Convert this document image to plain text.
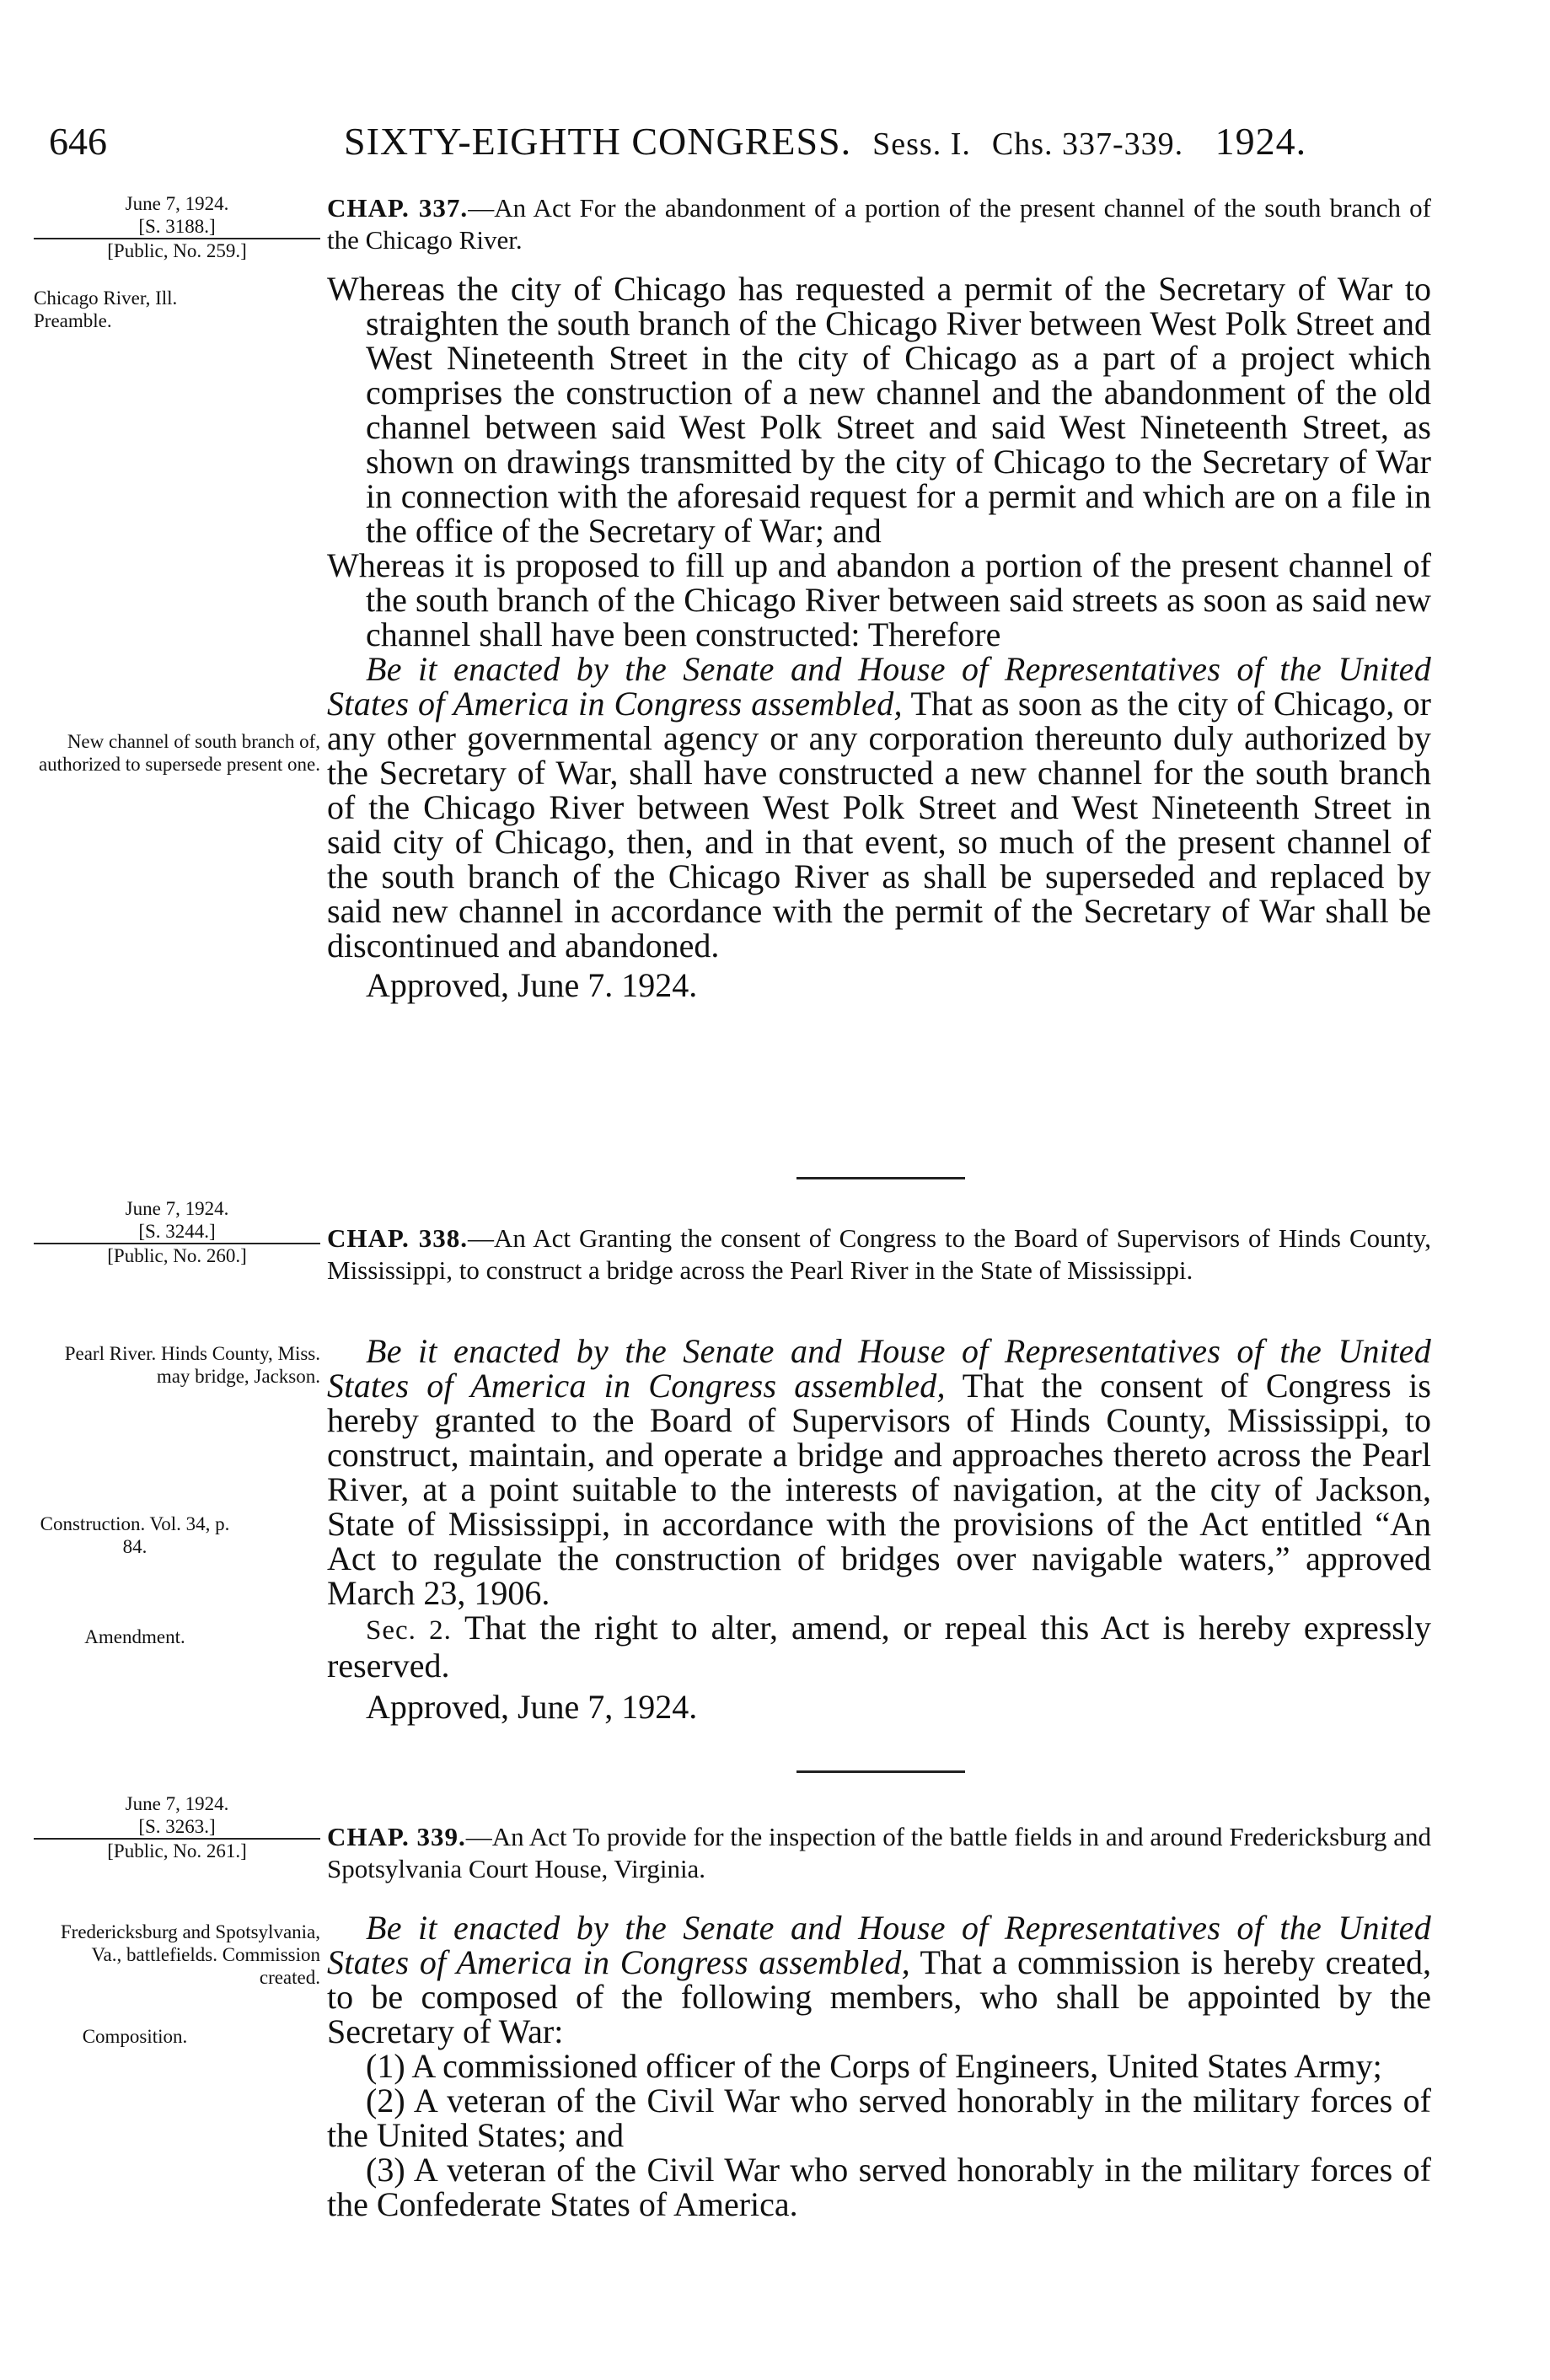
646	SIXTY-EIGHTH CONGRESS. Sess. I. Chs. 337-339. 1924.
June 7, 1924.
[S. 3188.]
[Public, No. 259.]
CHAP. 337.—An Act For the abandonment of a portion of the present channel of the south branch of the Chicago River.
Chicago River, Ill. Preamble.
New channel of south branch of, authorized to supersede present one.

Whereas the city of Chicago has requested a permit of the Secretary of War to straighten the south branch of the Chicago River between West Polk Street and West Nineteenth Street in the city of Chicago as a part of a project which comprises the construction of a new channel and the abandonment of the old channel between said West Polk Street and said West Nineteenth Street, as shown on drawings transmitted by the city of Chicago to the Secretary of War in connection with the aforesaid request for a permit and which are on a file in the office of the Secretary of War; and

Whereas it is proposed to fill up and abandon a portion of the present channel of the south branch of the Chicago River between said streets as soon as said new channel shall have been constructed: Therefore

Be it enacted by the Senate and House of Representatives of the United States of America in Congress assembled, That as soon as the city of Chicago, or any other governmental agency or any corporation thereunto duly authorized by the Secretary of War, shall have constructed a new channel for the south branch of the Chicago River between West Polk Street and West Nineteenth Street in said city of Chicago, then, and in that event, so much of the present channel of the south branch of the Chicago River as shall be superseded and replaced by said new channel in accordance with the permit of the Secretary of War shall be discontinued and abandoned.

Approved, June 7. 1924.

June 7, 1924.
[S. 3244.]
[Public, No. 260.]
CHAP. 338.—An Act Granting the consent of Congress to the Board of Supervisors of Hinds County, Mississippi, to construct a bridge across the Pearl River in the State of Mississippi.
Pearl River. Hinds County, Miss. may bridge, Jackson.
Construction. Vol. 34, p. 84.
Amendment.

Be it enacted by the Senate and House of Representatives of the United States of America in Congress assembled, That the consent of Congress is hereby granted to the Board of Supervisors of Hinds County, Mississippi, to construct, maintain, and operate a bridge and approaches thereto across the Pearl River, at a point suitable to the interests of navigation, at the city of Jackson, State of Mississippi, in accordance with the provisions of the Act entitled “An Act to regulate the construction of bridges over navigable waters,” approved March 23, 1906.

Sec. 2. That the right to alter, amend, or repeal this Act is hereby expressly reserved.

Approved, June 7, 1924.

June 7, 1924.
[S. 3263.]
[Public, No. 261.]	CHAP. 339.—An Act To provide for the inspection of the battle fields in and around Fredericksburg and Spotsylvania Court House, Virginia.
Fredericksburg and Spotsylvania, Va., battlefields. Commission created.
Composition.

Be it enacted by the Senate and House of Representatives of the United States of America in Congress assembled, That a commission is hereby created, to be composed of the following members, who shall be appointed by the Secretary of War:

(1) A commissioned officer of the Corps of Engineers, United States Army;

(2) A veteran of the Civil War who served honorably in the military forces of the United States; and

(3) A veteran of the Civil War who served honorably in the military forces of the Confederate States of America.
